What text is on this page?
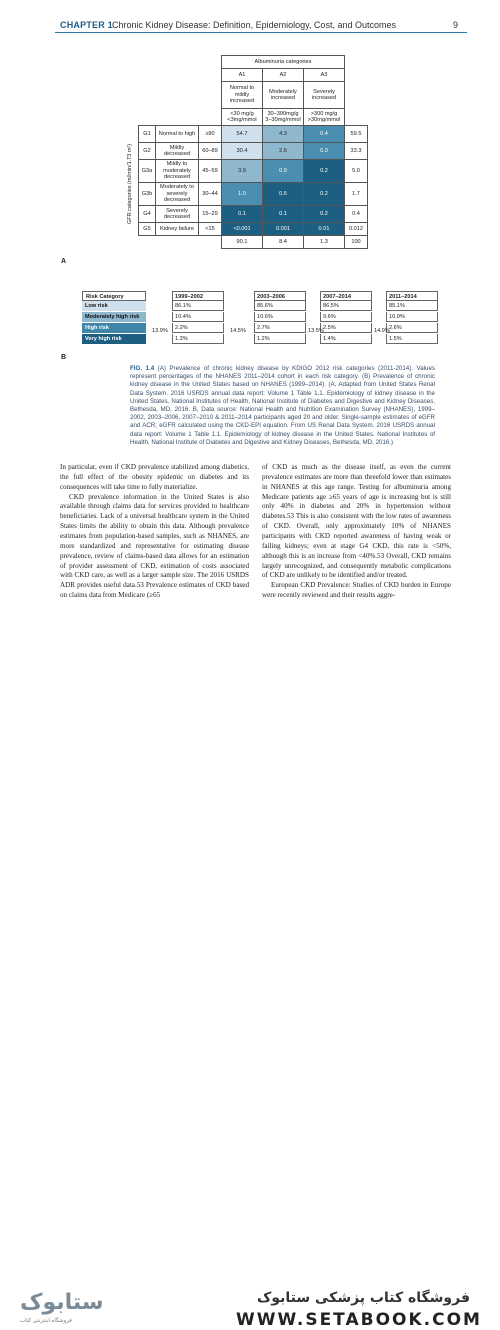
CHAPTER 1 Chronic Kidney Disease: Definition, Epidemiology, Cost, and Outcomes	9
GFR categories (ml/min/1.73 m²)
			Albuminuria categories			
			A1	A2	A3	
			Normal to mildly increased	Moderately increased	Severely increased	
			<30 mg/g <3mg/mmol	30–300mg/g 3–30mg/mmol	>300 mg/g >30mg/mmol	
G1	Normal to high	≥90	54.7	4.3	0.4	59.5
G2	Mildly decreased	60–89	30.4	2.6	0.3	33.3
G3a	Mildly to moderately decreased	45–59	3.9	0.9	0.2	5.0
G3b	Moderately to severely decreased	30–44	1.0	0.5	0.2	1.7
G4	Severely decreased	15–29	0.1	0.1	0.2	0.4
G5	Kidney failure	<15	<0.001	0.001	0.01	0.012
			90.1	8.4	1.3	100
A
Risk Category	1999–2002	2003–2006	2007–2014	2011–2014
Low risk	86.1%	85.6%	86.5%	85.1%
Moderately high risk	10.4%	10.6%	9.6%	10.9%
High risk	2.2%	2.7%	2.5%	2.6%
Very high risk	1.3%	1.2%	1.4%	1.5%
13.9%	14.5%	13.5%	14.9%
B
FIG. 1.4 (A) Prevalence of chronic kidney disease by KDIGO 2012 risk categories (2011-2014). Values represent percentages of the NHANES 2011–2014 cohort in each risk category. (B) Prevalence of chronic kidney disease in the United States based on NHANES (1999–2014). (A, Adapted from United States Renal Data System. 2016 USRDS annual data report: Volume 1 Table 1.1. Epidemiology of kidney disease in the United States. National Institutes of Health, National Institute of Diabetes and Digestive and Kidney Diseases, Bethesda, MD, 2016. B, Data source: National Health and Nutrition Examination Survey (NHANES), 1999–2002, 2003–2006, 2007–2010 & 2011–2014 participants aged 20 and older. Single-sample estimates of eGFR and ACR; eGFR calculated using the CKD-EPI equation. From US Renal Data System. 2016 USRDS annual data report: Volume 1 Table 1.1. Epidemiology of kidney disease in the United States. National Institutes of Health, National Institute of Diabetes and Digestive and Kidney Diseases, Bethesda, MD, 2016.)

In particular, even if CKD prevalence stabilized among diabetics, the full effect of the obesity epidemic on diabetes and its consequences will take time to fully materialize.

CKD prevalence information in the United States is also available through claims data for services provided to healthcare beneficiaries. Lack of a universal healthcare system in the United States limits the ability to obtain this data. Although prevalence estimates from population-based samples, such as NHANES, are more standardized and representative for estimating disease prevalence, review of claims-based data allows for an estimation of provider assessment of CKD, estimation of costs associated with CKD care, as well as a larger sample size. The 2016 USRDS ADR provides useful data.53 Prevalence estimates of CKD based on claims data from Medicare (≥65

of CKD as much as the disease itself, as even the current prevalence estimates are more than threefold lower than estimates in NHANES at this age range. Testing for albuminuria among Medicare patients age ≥65 years of age is increasing but is still only 40% in diabetes and 20% in hypertension without diabetes.53 This is also consistent with the low rates of awareness of CKD. Overall, only approximately 10% of NHANES participants with CKD reported awareness of having weak or failing kidneys; even at stage G4 CKD, this rate is <50%, although this is an increase from <40%.53 Overall, CKD remains largely unrecognized, and consequently metabolic complications of CKD are unlikely to be identified and/or treated.

European CKD Prevalence: Studies of CKD burden in Europe were recently reviewed and their results aggre-

ستابوک
فروشگاه اینترنتی کتاب
فروشگاه کتاب پزشکی ستابوک
WWW.SETABOOK.COM
